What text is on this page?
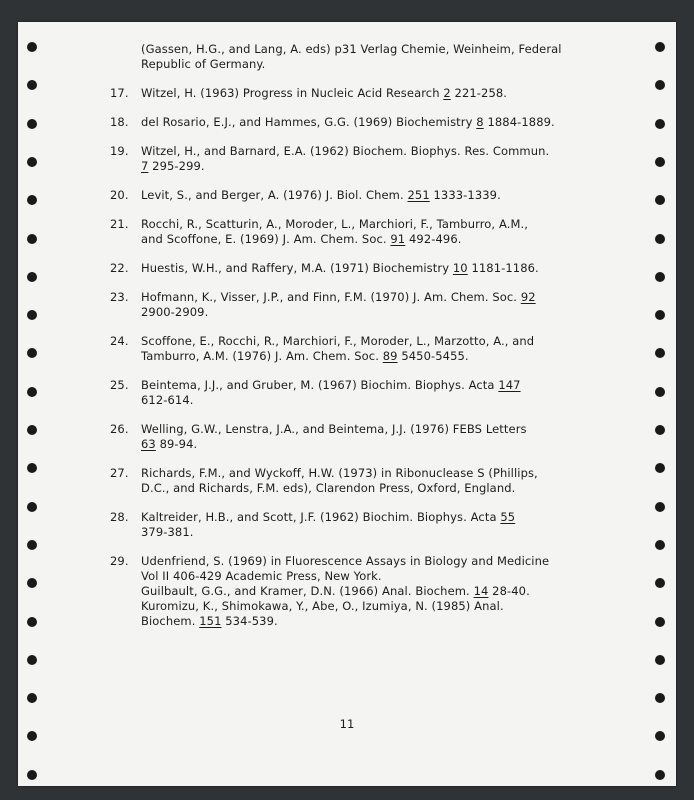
(Gassen, H.G., and Lang, A. eds) p31 Verlag Chemie, Weinheim, Federal
Republic of Germany.
17. Witzel, H. (1963) Progress in Nucleic Acid Research 2 221-258.
18. del Rosario, E.J., and Hammes, G.G. (1969) Biochemistry 8 1884-1889.
19. Witzel, H., and Barnard, E.A. (1962) Biochem. Biophys. Res. Commun.
7 295-299.
20. Levit, S., and Berger, A. (1976) J. Biol. Chem. 251 1333-1339.
21. Rocchi, R., Scatturin, A., Moroder, L., Marchiori, F., Tamburro, A.M.,
and Scoffone, E. (1969) J. Am. Chem. Soc. 91 492-496.
22. Huestis, W.H., and Raffery, M.A. (1971) Biochemistry 10 1181-1186.
23. Hofmann, K., Visser, J.P., and Finn, F.M. (1970) J. Am. Chem. Soc. 92
2900-2909.
24. Scoffone, E., Rocchi, R., Marchiori, F., Moroder, L., Marzotto, A., and
Tamburro, A.M. (1976) J. Am. Chem. Soc. 89 5450-5455.
25. Beintema, J.J., and Gruber, M. (1967) Biochim. Biophys. Acta 147
612-614.
26. Welling, G.W., Lenstra, J.A., and Beintema, J.J. (1976) FEBS Letters
63 89-94.
27. Richards, F.M., and Wyckoff, H.W. (1973) in Ribonuclease S (Phillips,
D.C., and Richards, F.M. eds), Clarendon Press, Oxford, England.
28. Kaltreider, H.B., and Scott, J.F. (1962) Biochim. Biophys. Acta 55
379-381.
29. Udenfriend, S. (1969) in Fluorescence Assays in Biology and Medicine
Vol II 406-429 Academic Press, New York.
Guilbault, G.G., and Kramer, D.N. (1966) Anal. Biochem. 14 28-40.
Kuromizu, K., Shimokawa, Y., Abe, O., Izumiya, N. (1985) Anal.
Biochem. 151 534-539.
11
